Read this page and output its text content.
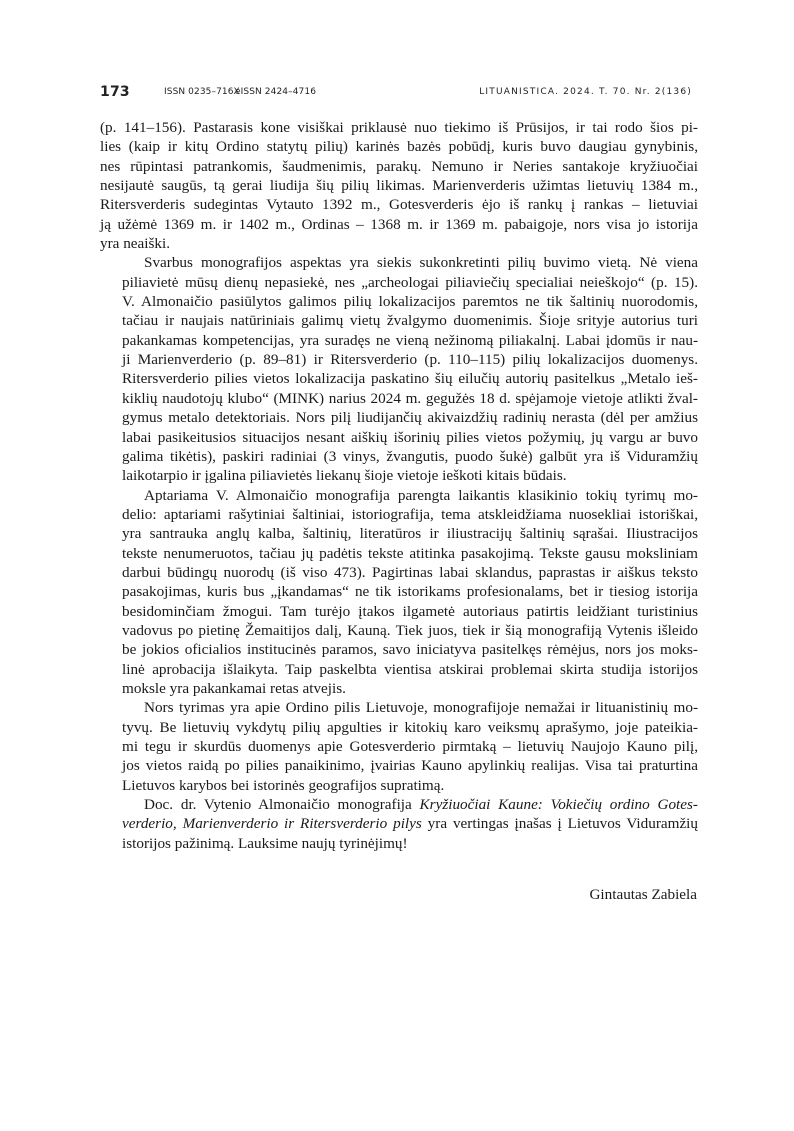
173	ISSN 0235–716X
eISSN 2424–4716	LITUANISTICA. 2024. T. 70. Nr. 2(136)
(p. 141–156). Pastarasis kone visiškai priklausė nuo tiekimo iš Prūsijos, ir tai rodo šios pi-
lies (kaip ir kitų Ordino statytų pilių) karinės bazės pobūdį, kuris buvo daugiau gynybinis,
nes rūpintasi patrankomis, šaudmenimis, parakų. Nemuno ir Neries santakoje kryžiuočiai
nesijautė saugūs, tą gerai liudija šių pilių likimas. Marienverderis užimtas lietuvių 1384 m.,
Ritersverderis sudegintas Vytauto 1392 m., Gotesverderis ėjo iš rankų į rankas – lietuviai
ją užėmė 1369 m. ir 1402 m., Ordinas – 1368 m. ir 1369 m. pabaigoje, nors visa jo istorija
yra neaiški.
Svarbus monografijos aspektas yra siekis sukonkretinti pilių buvimo vietą. Nė viena
piliavietė mūsų dienų nepasiekė, nes „archeologai piliaviečių specialiai neieškojo“ (p. 15).
V. Almonaičio pasiūlytos galimos pilių lokalizacijos paremtos ne tik šaltinių nuorodomis,
tačiau ir naujais natūriniais galimų vietų žvalgymo duomenimis. Šioje srityje autorius turi
pakankamas kompetencijas, yra suradęs ne vieną nežinomą piliakalnį. Labai įdomūs ir nau-
ji Marienverderio (p. 89–81) ir Ritersverderio (p. 110–115) pilių lokalizacijos duomenys.
Ritersverderio pilies vietos lokalizacija paskatino šių eilučių autorių pasitelkus „Metalo ieš-
kiklių naudotojų klubo“ (MINK) narius 2024 m. gegužės 18 d. spėjamoje vietoje atlikti žval-
gymus metalo detektoriais. Nors pilį liudijančių akivaizdžių radinių nerasta (dėl per amžius
labai pasikeitusios situacijos nesant aiškių išorinių pilies vietos požymių, jų vargu ar buvo
galima tikėtis), paskiri radiniai (3 vinys, žvangutis, puodo šukė) galbūt yra iš Viduramžių
laikotarpio ir įgalina piliavietės liekanų šioje vietoje ieškoti kitais būdais.
Aptariama V. Almonaičio monografija parengta laikantis klasikinio tokių tyrimų mo-
delio: aptariami rašytiniai šaltiniai, istoriografija, tema atskleidžiama nuosekliai istoriškai,
yra santrauka anglų kalba, šaltinių, literatūros ir iliustracijų šaltinių sąrašai. Iliustracijos
tekste nenumeruotos, tačiau jų padėtis tekste atitinka pasakojimą. Tekste gausu moksliniam
darbui būdingų nuorodų (iš viso 473). Pagirtinas labai sklandus, paprastas ir aiškus teksto
pasakojimas, kuris bus „įkandamas“ ne tik istorikams profesionalams, bet ir tiesiog istorija
besidominčiam žmogui. Tam turėjo įtakos ilgametė autoriaus patirtis leidžiant turistinius
vadovus po pietinę Žemaitijos dalį, Kauną. Tiek juos, tiek ir šią monografiją Vytenis išleido
be jokios oficialios institucinės paramos, savo iniciatyva pasitelkęs rėmėjus, nors jos moks-
linė aprobacija išlaikyta. Taip paskelbta vientisa atskirai problemai skirta studija istorijos
moksle yra pakankamai retas atvejis.
Nors tyrimas yra apie Ordino pilis Lietuvoje, monografijoje nemažai ir lituanistinių mo-
tyvų. Be lietuvių vykdytų pilių apgulties ir kitokių karo veiksmų aprašymo, joje pateikia-
mi tegu ir skurdūs duomenys apie Gotesverderio pirmtaką – lietuvių Naujojo Kauno pilį,
jos vietos raidą po pilies panaikinimo, įvairias Kauno apylinkių realijas. Visa tai praturtina
Lietuvos karybos bei istorinės geografijos supratimą.
Doc. dr. Vytenio Almonaičio monografija Kryžiuočiai Kaune: Vokiečių ordino Gotes-
verderio, Marienverderio ir Ritersverderio pilys yra vertingas įnašas į Lietuvos Viduramžių
istorijos pažinimą. Lauksime naujų tyrinėjimų!
Gintautas Zabiela
